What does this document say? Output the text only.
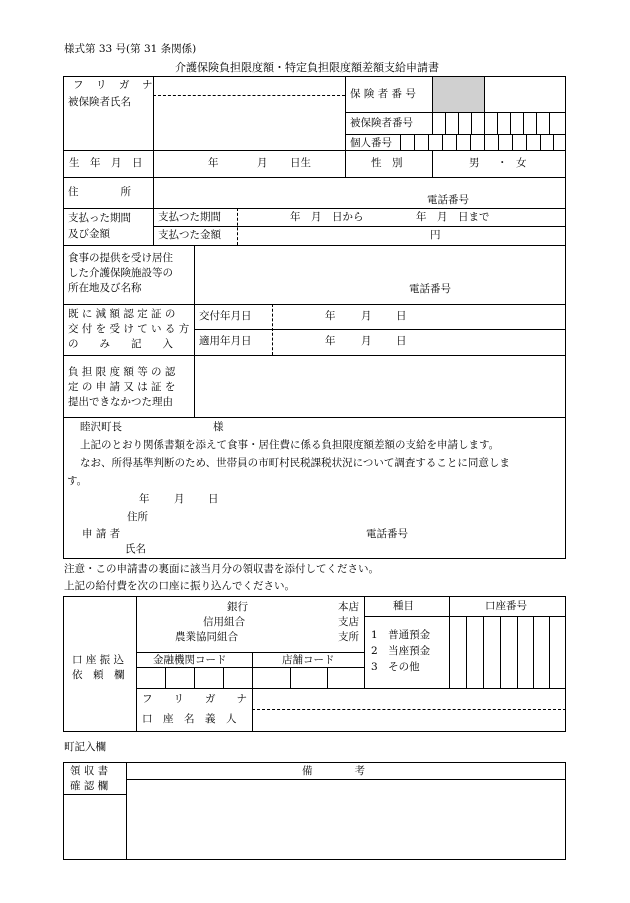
様式第 33 号(第 31 条関係)
介護保険負担限度額・特定負担限度額差額支給申請書
フ　リ　ガ　ナ
被保険者氏名
保 険 者 番 号
被保険者番号
個人番号
生　年　月　日	年	月 日生	性　別	男 ・ 女
住　　　　所
電話番号
支払った期間
及び金額
支払つた期間	年　月　日から　　　　　年　月　日まで
支払つた金額	円
食事の提供を受け居住
した介護保険施設等の
所在地及び名称	電話番号
既 に 減 額 認 定 証 の
交 付 を 受 け て い る 方
の　　み　　記　　入
交付年月日	年 月 日
適用年月日	年 月 日
負 担 限 度 額 等 の 認
定 の 申 請 又 は 証 を
提出できなかつた理由
睦沢町長	様
上記のとおり関係書類を添えて食事・居住費に係る負担限度額差額の支給を申請します。
なお、所得基準判断のため、世帯員の市町村民税課税状況について調査することに同意しま
す。
年 月 日
住所
申 請 者	電話番号
氏名
注意・この申請書の裏面に該当月分の領収書を添付してください。
上記の給付費を次の口座に振り込んでください。
口 座 振 込
依　頼　欄
銀行
信用組合
農業協同組合
本店
支店
支所
金融機関コード	店舗コード
種目	口座番号
1　普通預金
2　当座預金
3　その他
フ　　リ　　ガ　　ナ
口　座　名　義　人
町記入欄
領 収 書
確 認 欄
備　　　　考
